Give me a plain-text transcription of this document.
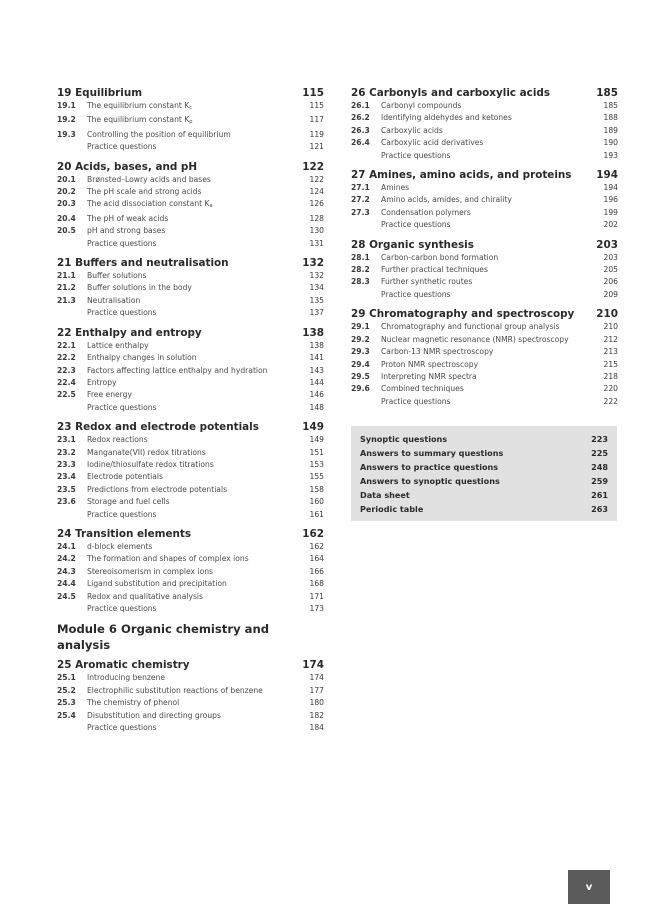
19 Equilibrium	115
19.1	The equilibrium constant $K_c$	115
19.2	The equilibrium constant $K_p$	117
19.3	Controlling the position of equilibrium	119
Practice questions	121
20 Acids, bases, and pH	122
20.1	Brønsted–Lowry acids and bases	122
20.2	The pH scale and strong acids	124
20.3	The acid dissociation constant $K_a$	126
20.4	The pH of weak acids	128
20.5	pH and strong bases	130
Practice questions	131
21 Buffers and neutralisation	132
21.1	Buffer solutions	132
21.2	Buffer solutions in the body	134
21.3	Neutralisation	135
Practice questions	137
22 Enthalpy and entropy	138
22.1	Lattice enthalpy	138
22.2	Enthalpy changes in solution	141
22.3	Factors affecting lattice enthalpy and hydration	143
22.4	Entropy	144
22.5	Free energy	146
Practice questions	148
23 Redox and electrode potentials	149
23.1	Redox reactions	149
23.2	Manganate(VII) redox titrations	151
23.3	Iodine/thiosulfate redox titrations	153
23.4	Electrode potentials	155
23.5	Predictions from electrode potentials	158
23.6	Storage and fuel cells	160
Practice questions	161
24 Transition elements	162
24.1	d-block elements	162
24.2	The formation and shapes of complex ions	164
24.3	Stereoisomerism in complex ions	166
24.4	Ligand substitution and precipitation	168
24.5	Redox and qualitative analysis	171
Practice questions	173
Module 6 Organic chemistry and analysis
25 Aromatic chemistry	174
25.1	Introducing benzene	174
25.2	Electrophilic substitution reactions of benzene	177
25.3	The chemistry of phenol	180
25.4	Disubstitution and directing groups	182
Practice questions	184
26 Carbonyls and carboxylic acids	185
26.1	Carbonyl compounds	185
26.2	Identifying aldehydes and ketones	188
26.3	Carboxylic acids	189
26.4	Carboxylic acid derivatives	190
Practice questions	193
27 Amines, amino acids, and proteins 194
27.1	Amines	194
27.2	Amino acids, amides, and chirality	196
27.3	Condensation polymers	199
Practice questions	202
28 Organic synthesis	203
28.1	Carbon-carbon bond formation	203
28.2	Further practical techniques	205
28.3	Further synthetic routes	206
Practice questions	209
29 Chromatography and spectroscopy 210
29.1	Chromatography and functional group analysis	210
29.2	Nuclear magnetic resonance (NMR) spectroscopy	212
29.3	Carbon-13 NMR spectroscopy	213
29.4	Proton NMR spectroscopy	215
29.5	Interpreting NMR spectra	218
29.6	Combined techniques	220
Practice questions	222
Synoptic questions	223
Answers to summary questions	225
Answers to practice questions	248
Answers to synoptic questions	259
Data sheet	261
Periodic table	263
v
